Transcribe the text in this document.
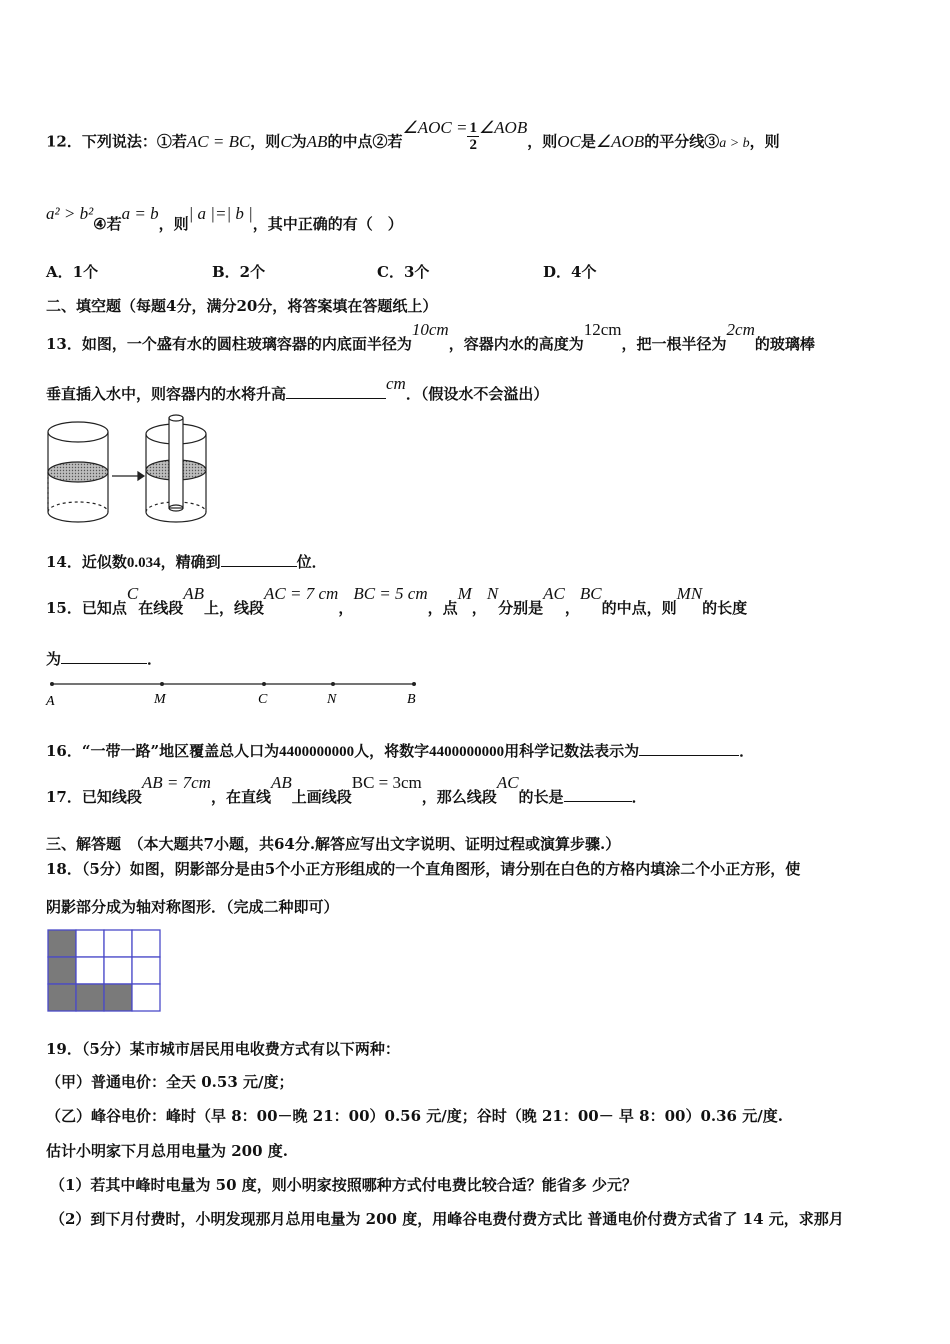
12．下列说法：①若AC = BC，则C为AB的中点②若∠AOC = $\frac{1}{2}$ ∠AOB，则OC是∠AOB的平分线③a > b，则
a² > b²④若a = b，则| a |=| b |，其中正确的有（　）
A．1个	B．2个	C．3个	D．4个
二、填空题（每题4分，满分20分，将答案填在答题纸上）
13．如图，一个盛有水的圆柱玻璃容器的内底面半径为10cm，容器内水的高度为12cm，把一根半径为2cm的玻璃棒
垂直插入水中，则容器内的水将升高cm．（假设水不会溢出）
14．近似数0.034，精确到	位．
15．已知点C在线段AB上，线段AC = 7 cm，BC = 5 cm，点M，N分别是AC，BC的中点，则MN的长度
为	．
A	M	C	N	B
16．“一带一路”地区覆盖总人口为4400000000人，将数字4400000000用科学记数法表示为	．
17．已知线段AB = 7cm，在直线AB上画线段BC = 3cm，那么线段AC的长是	．
三、解答题　（本大题共7小题，共64分.解答应写出文字说明、证明过程或演算步骤.）
18．（5分）如图，阴影部分是由5个小正方形组成的一个直角图形，请分别在白色的方格内填涂二个小正方形，使
阴影部分成为轴对称图形．（完成二种即可）
19．（5分）某市城市居民用电收费方式有以下两种：
（甲）普通电价：全天 0.53 元/度；
（乙）峰谷电价：峰时（早 8：00－晚 21：00）0.56 元/度；谷时（晚 21：00－ 早 8：00）0.36 元/度.
估计小明家下月总用电量为 200 度.
（1）若其中峰时电量为 50 度，则小明家按照哪种方式付电费比较合适？能省多 少元？
（2）到下月付费时，小明发现那月总用电量为 200 度，用峰谷电费付费方式比 普通电价付费方式省了 14 元，求那月
